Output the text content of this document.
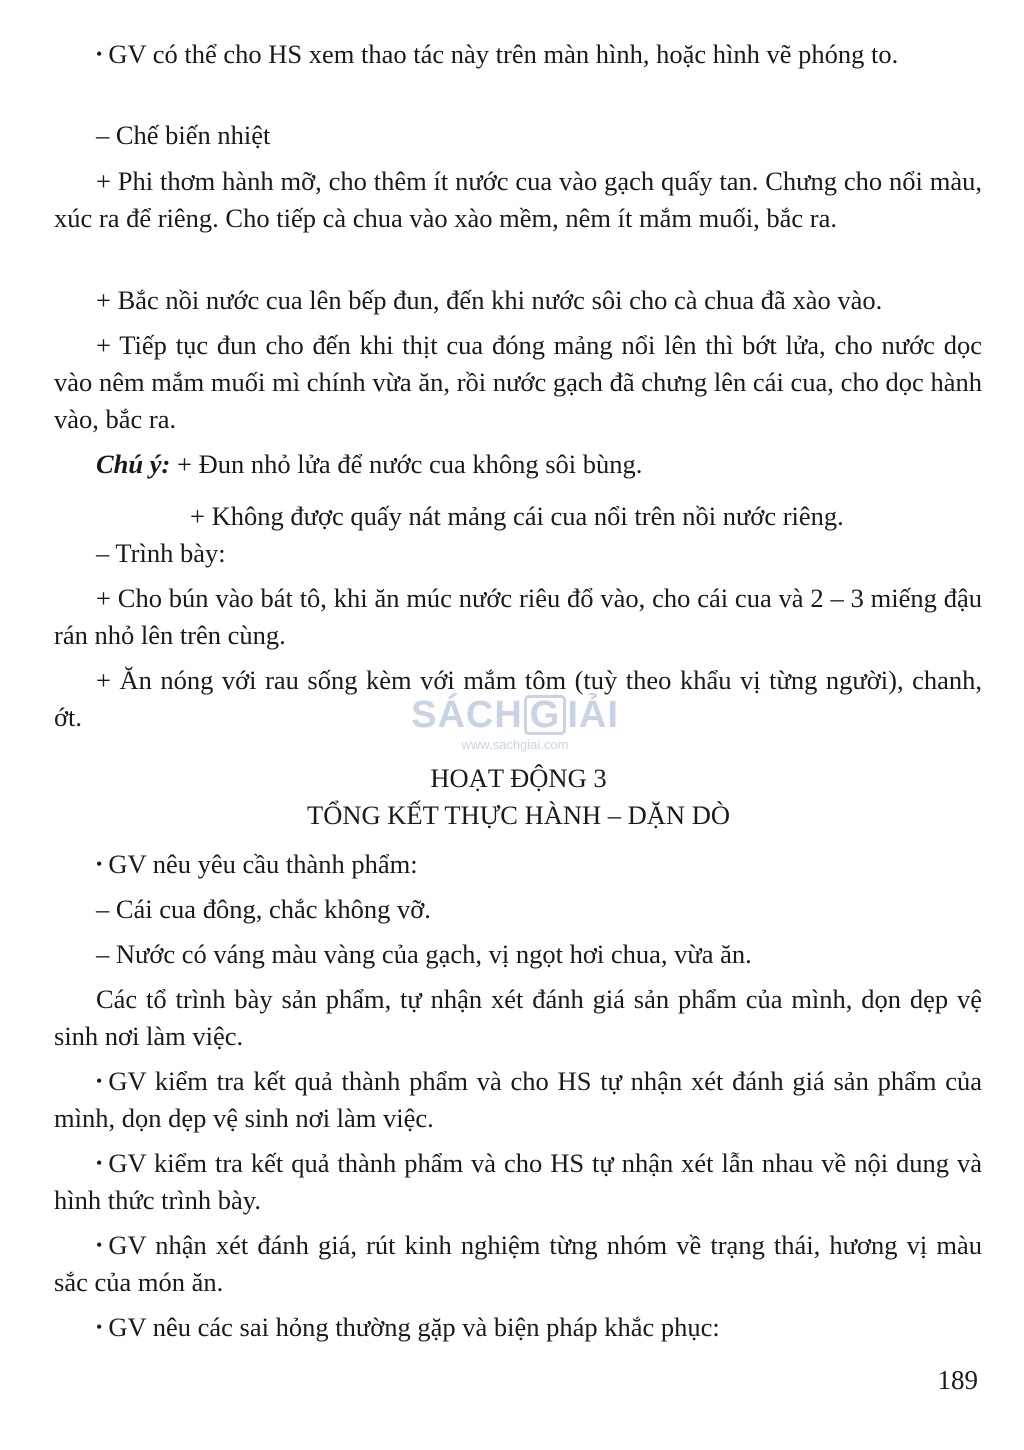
• GV có thể cho HS xem thao tác này trên màn hình, hoặc hình vẽ phóng to.

– Chế biến nhiệt

+ Phi thơm hành mỡ, cho thêm ít nước cua vào gạch quấy tan. Chưng cho nổi màu, xúc ra để riêng. Cho tiếp cà chua vào xào mềm, nêm ít mắm muối, bắc ra.

+ Bắc nồi nước cua lên bếp đun, đến khi nước sôi cho cà chua đã xào vào.

+ Tiếp tục đun cho đến khi thịt cua đóng mảng nổi lên thì bớt lửa, cho nước dọc vào nêm mắm muối mì chính vừa ăn, rồi nước gạch đã chưng lên cái cua, cho dọc hành vào, bắc ra.

Chú ý: + Đun nhỏ lửa để nước cua không sôi bùng.

+ Không được quấy nát mảng cái cua nổi trên nồi nước riêng.

– Trình bày:

+ Cho bún vào bát tô, khi ăn múc nước riêu đổ vào, cho cái cua và 2 – 3 miếng đậu rán nhỏ lên trên cùng.

+ Ăn nóng với rau sống kèm với mắm tôm (tuỳ theo khẩu vị từng người), chanh, ớt.

HOẠT ĐỘNG 3

TỔNG KẾT THỰC HÀNH – DẶN DÒ

• GV nêu yêu cầu thành phẩm:

– Cái cua đông, chắc không vỡ.

– Nước có váng màu vàng của gạch, vị ngọt hơi chua, vừa ăn.

Các tổ trình bày sản phẩm, tự nhận xét đánh giá sản phẩm của mình, dọn dẹp vệ sinh nơi làm việc.

• GV kiểm tra kết quả thành phẩm và cho HS tự nhận xét đánh giá sản phẩm của mình, dọn dẹp vệ sinh nơi làm việc.

• GV kiểm tra kết quả thành phẩm và cho HS tự nhận xét lẫn nhau về nội dung và hình thức trình bày.

• GV nhận xét đánh giá, rút kinh nghiệm từng nhóm về trạng thái, hương vị màu sắc của món ăn.

• GV nêu các sai hỏng thường gặp và biện pháp khắc phục:

189
SÁCH G IẢI
www.sachgiai.com
